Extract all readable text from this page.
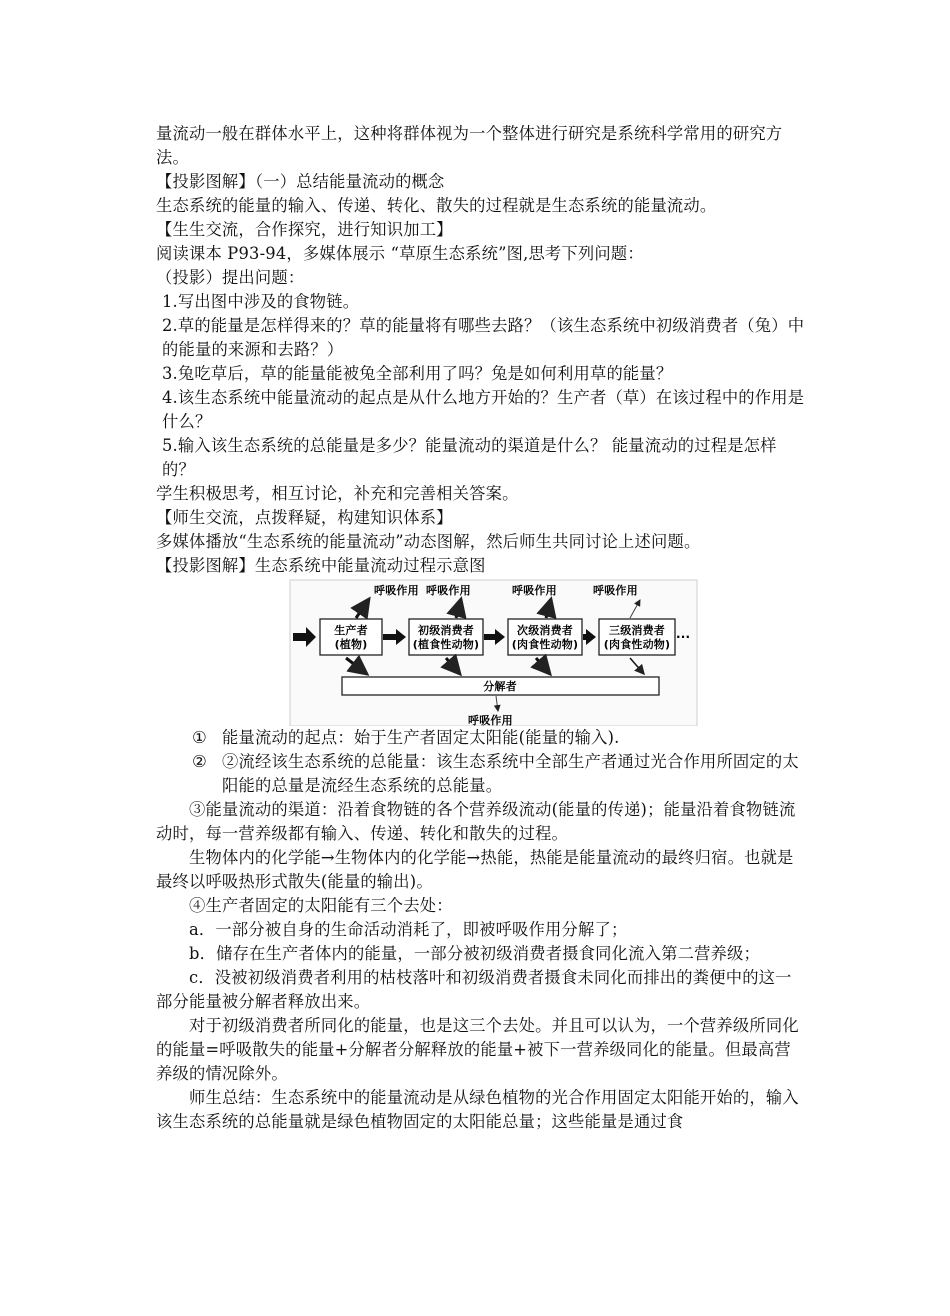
量流动一般在群体水平上，这种将群体视为一个整体进行研究是系统科学常用的研究方法。

【投影图解】（一）总结能量流动的概念

生态系统的能量的输入、传递、转化、散失的过程就是生态系统的能量流动。

【生生交流，合作探究，进行知识加工】

阅读课本 P93-94，多媒体展示 “草原生态系统”图,思考下列问题：

（投影）提出问题：

1.写出图中涉及的食物链。

2.草的能量是怎样得来的？草的能量将有哪些去路？（该生态系统中初级消费者（兔）中的能量的来源和去路？）

3.兔吃草后，草的能量能被兔全部利用了吗？兔是如何利用草的能量？

4.该生态系统中能量流动的起点是从什么地方开始的？生产者（草）在该过程中的作用是什么？

5.输入该生态系统的总能量是多少？能量流动的渠道是什么？ 能量流动的过程是怎样的？

学生积极思考，相互讨论，补充和完善相关答案。

【师生交流，点拨释疑，构建知识体系】

多媒体播放“生态系统的能量流动”动态图解，然后师生共同讨论上述问题。

【投影图解】生态系统中能量流动过程示意图

生产者
(植物)
初级消费者
(植食性动物)
次级消费者
(肉食性动物)
三级消费者
(肉食性动物)
···
呼吸作用 呼吸作用	呼吸作用	呼吸作用
分解者
呼吸作用

① 能量流动的起点：始于生产者固定太阳能(能量的输入).

② ②流经该生态系统的总能量：该生态系统中全部生产者通过光合作用所固定的太阳能的总量是流经生态系统的总能量。

③能量流动的渠道：沿着食物链的各个营养级流动(能量的传递)；能量沿着食物链流动时，每一营养级都有输入、传递、转化和散失的过程。

生物体内的化学能→生物体内的化学能→热能，热能是能量流动的最终归宿。也就是最终以呼吸热形式散失(能量的输出)。

④生产者固定的太阳能有三个去处：

a．一部分被自身的生命活动消耗了，即被呼吸作用分解了；

b．储存在生产者体内的能量，一部分被初级消费者摄食同化流入第二营养级；

c．没被初级消费者利用的枯枝落叶和初级消费者摄食未同化而排出的粪便中的这一部分能量被分解者释放出来。

对于初级消费者所同化的能量，也是这三个去处。并且可以认为，一个营养级所同化的能量=呼吸散失的能量+分解者分解释放的能量+被下一营养级同化的能量。但最高营养级的情况除外。

师生总结：生态系统中的能量流动是从绿色植物的光合作用固定太阳能开始的，输入该生态系统的总能量就是绿色植物固定的太阳能总量；这些能量是通过食
